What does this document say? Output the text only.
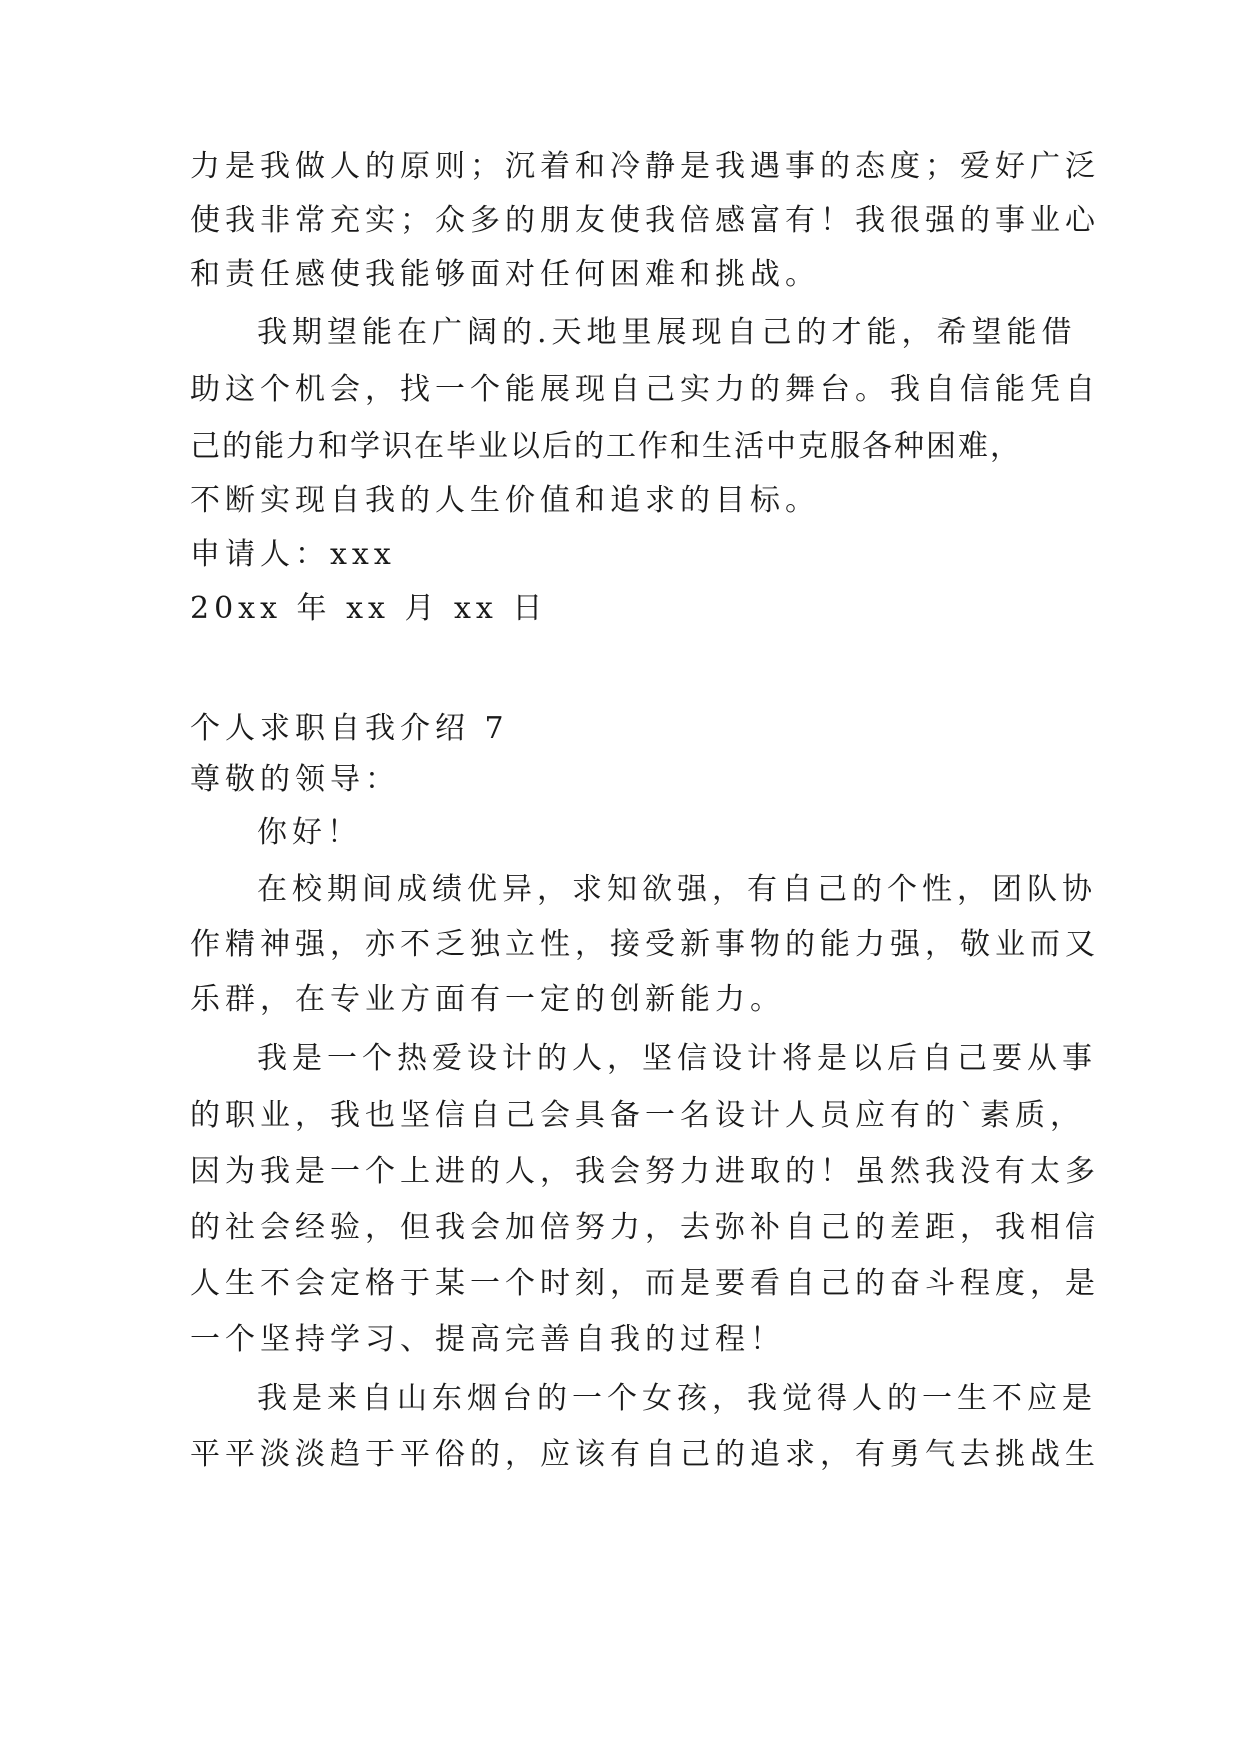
力是我做人的原则；沉着和冷静是我遇事的态度；爱好广泛
使我非常充实；众多的朋友使我倍感富有！我很强的事业心
和责任感使我能够面对任何困难和挑战。
我期望能在广阔的.天地里展现自己的才能，希望能借
助这个机会，找一个能展现自己实力的舞台。我自信能凭自
己的能力和学识在毕业以后的工作和生活中克服各种困难，
不断实现自我的人生价值和追求的目标。
申请人：xxx
20xx 年 xx 月 xx 日
个人求职自我介绍 7
尊敬的领导：
你好！
在校期间成绩优异，求知欲强，有自己的个性，团队协
作精神强，亦不乏独立性，接受新事物的能力强，敬业而又
乐群，在专业方面有一定的创新能力。
我是一个热爱设计的人，坚信设计将是以后自己要从事
的职业，我也坚信自己会具备一名设计人员应有的`素质，
因为我是一个上进的人，我会努力进取的！虽然我没有太多
的社会经验，但我会加倍努力，去弥补自己的差距，我相信
人生不会定格于某一个时刻，而是要看自己的奋斗程度，是
一个坚持学习、提高完善自我的过程！
我是来自山东烟台的一个女孩，我觉得人的一生不应是
平平淡淡趋于平俗的，应该有自己的追求，有勇气去挑战生
